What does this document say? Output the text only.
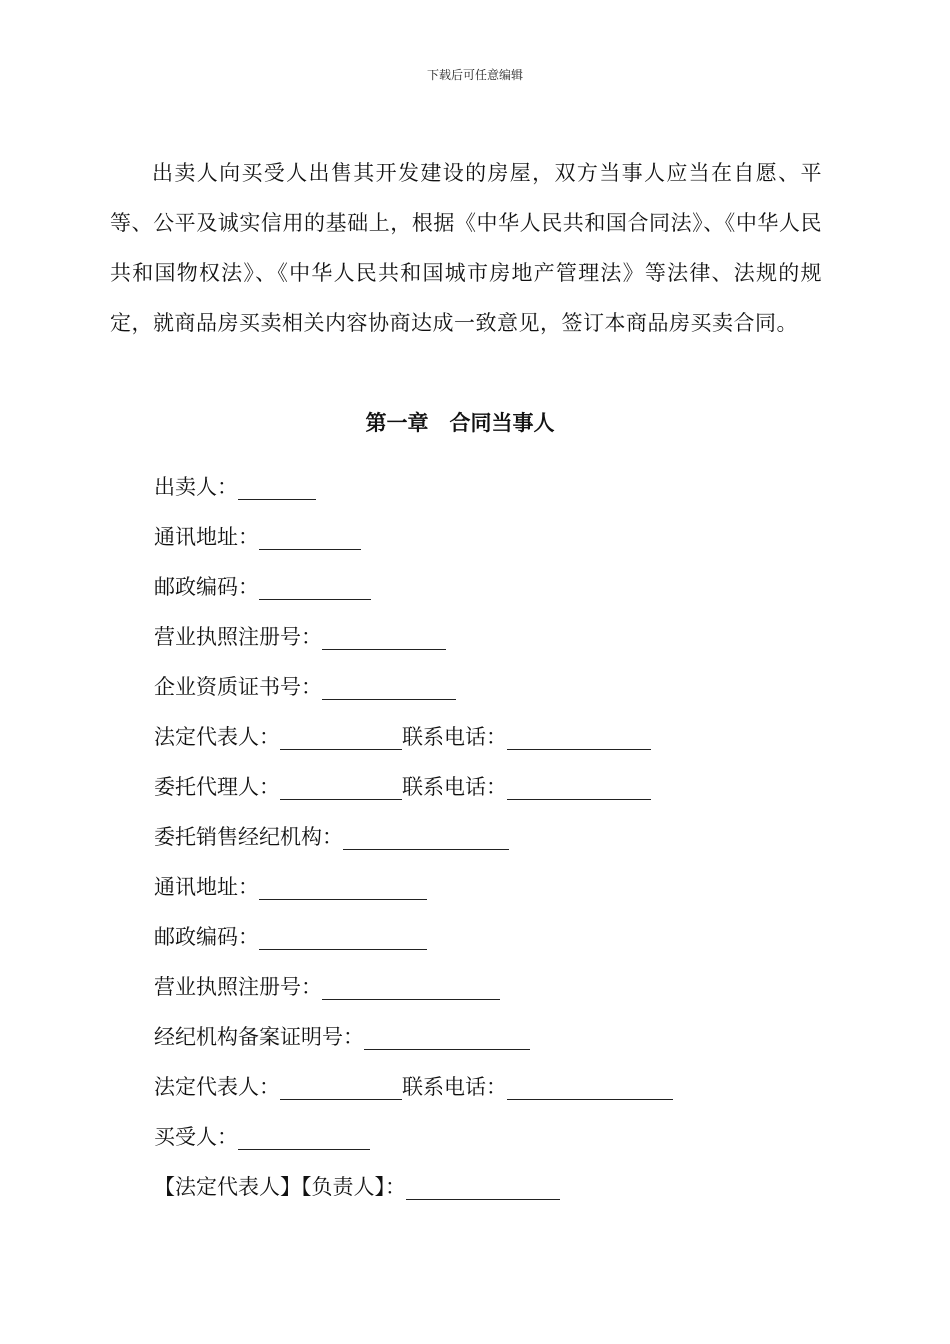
下载后可任意编辑
出卖人向买受人出售其开发建设的房屋，双方当事人应当在自愿、平等、公平及诚实信用的基础上，根据《中华人民共和国合同法》、《中华人民共和国物权法》、《中华人民共和国城市房地产管理法》等法律、法规的规定，就商品房买卖相关内容协商达成一致意见，签订本商品房买卖合同。
第一章　合同当事人
出卖人：
通讯地址：
邮政编码：
营业执照注册号：
企业资质证书号：
法定代表人：	联系电话：
委托代理人：	联系电话：
委托销售经纪机构：
通讯地址：
邮政编码：
营业执照注册号：
经纪机构备案证明号：
法定代表人：	联系电话：
买受人：
【法定代表人】【负责人】：
